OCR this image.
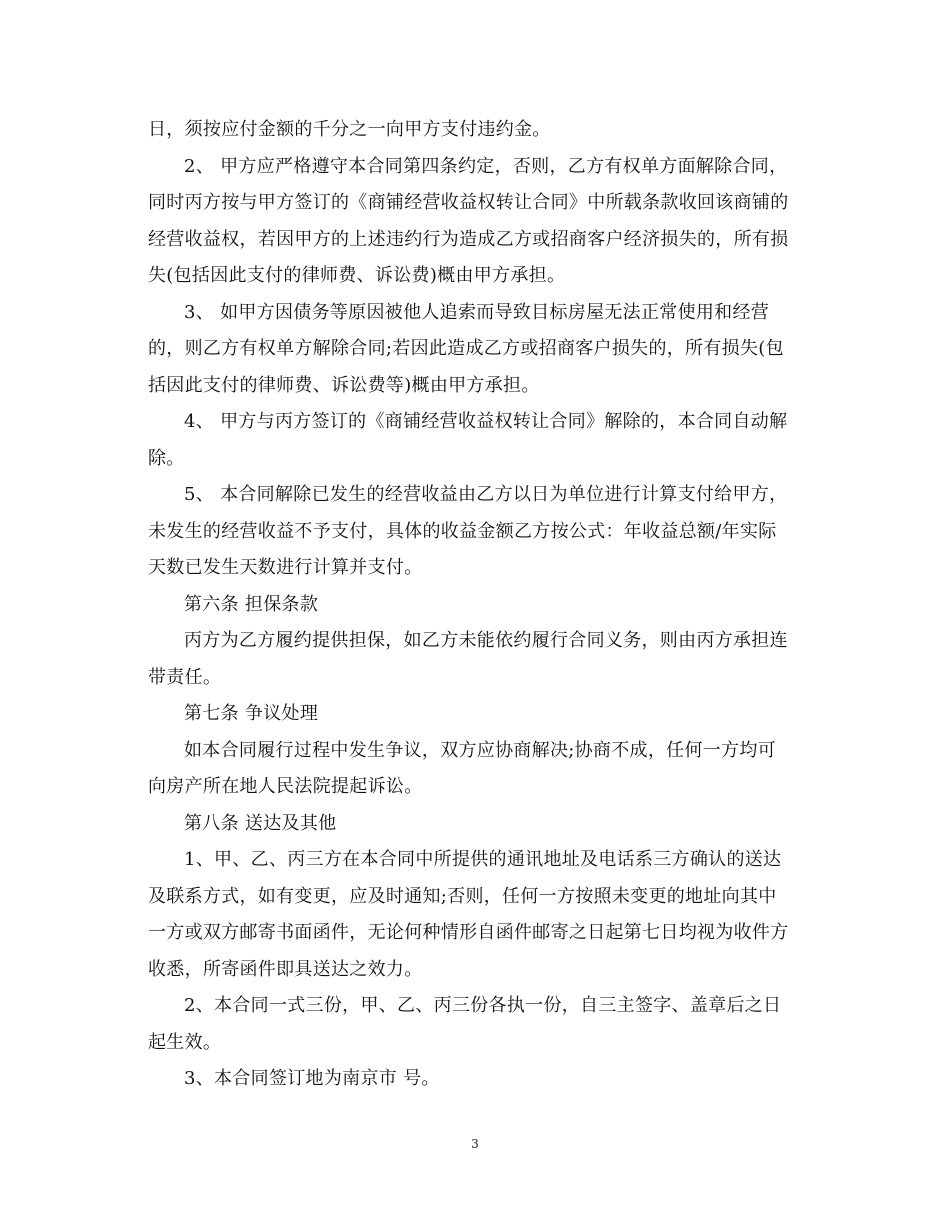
日，须按应付金额的千分之一向甲方支付违约金。
2、 甲方应严格遵守本合同第四条约定，否则，乙方有权单方面解除合同，
同时丙方按与甲方签订的《商铺经营收益权转让合同》中所载条款收回该商铺的
经营收益权，若因甲方的上述违约行为造成乙方或招商客户经济损失的，所有损
失(包括因此支付的律师费、诉讼费)概由甲方承担。
3、 如甲方因债务等原因被他人追索而导致目标房屋无法正常使用和经营
的，则乙方有权单方解除合同;若因此造成乙方或招商客户损失的，所有损失(包
括因此支付的律师费、诉讼费等)概由甲方承担。
4、 甲方与丙方签订的《商铺经营收益权转让合同》解除的，本合同自动解
除。
5、 本合同解除已发生的经营收益由乙方以日为单位进行计算支付给甲方，
未发生的经营收益不予支付，具体的收益金额乙方按公式：年收益总额/年实际
天数已发生天数进行计算并支付。
第六条 担保条款
丙方为乙方履约提供担保，如乙方未能依约履行合同义务，则由丙方承担连
带责任。
第七条 争议处理
如本合同履行过程中发生争议，双方应协商解决;协商不成，任何一方均可
向房产所在地人民法院提起诉讼。
第八条 送达及其他
1、甲、乙、丙三方在本合同中所提供的通讯地址及电话系三方确认的送达
及联系方式，如有变更，应及时通知;否则，任何一方按照未变更的地址向其中
一方或双方邮寄书面函件，无论何种情形自函件邮寄之日起第七日均视为收件方
收悉，所寄函件即具送达之效力。
2、本合同一式三份，甲、乙、丙三份各执一份，自三主签字、盖章后之日
起生效。
3、本合同签订地为南京市 号。
3
